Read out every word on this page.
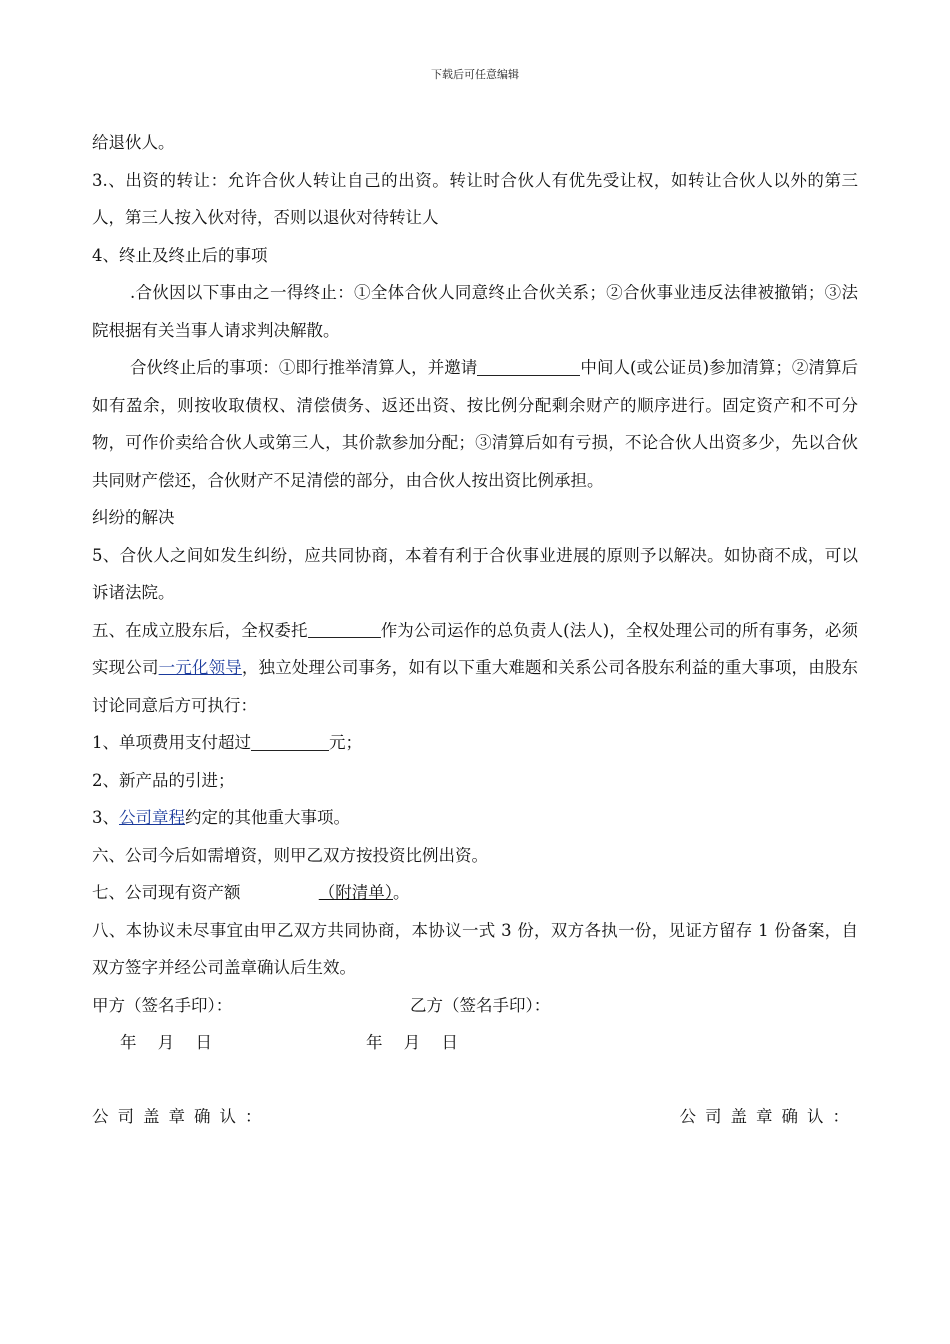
下载后可任意编辑

给退伙人。

3.、出资的转让：允许合伙人转让自己的出资。转让时合伙人有优先受让权，如转让合伙人以外的第三人，第三人按入伙对待，否则以退伙对待转让人

4、终止及终止后的事项

.合伙因以下事由之一得终止：①全体合伙人同意终止合伙关系；②合伙事业违反法律被撤销；③法院根据有关当事人请求判决解散。

合伙终止后的事项：①即行推举清算人，并邀请	中间人(或公证员)参加清算；②清算后如有盈余，则按收取债权、清偿债务、返还出资、按比例分配剩余财产的顺序进行。固定资产和不可分物，可作价卖给合伙人或第三人，其价款参加分配；③清算后如有亏损，不论合伙人出资多少，先以合伙共同财产偿还，合伙财产不足清偿的部分，由合伙人按出资比例承担。

纠纷的解决

5、合伙人之间如发生纠纷，应共同协商，本着有利于合伙事业进展的原则予以解决。如协商不成，可以诉诸法院。

五、在成立股东后，全权委托	作为公司运作的总负责人(法人)，全权处理公司的所有事务，必须实现公司一元化领导，独立处理公司事务，如有以下重大难题和关系公司各股东利益的重大事项，由股东讨论同意后方可执行：

1、单项费用支付超过	元；

2、新产品的引进；

3、公司章程约定的其他重大事项。

六、公司今后如需增资，则甲乙双方按投资比例出资。

七、公司现有资产额	（附清单）。

八、本协议未尽事宜由甲乙双方共同协商，本协议一式 3 份，双方各执一份，见证方留存 1 份备案，自双方签字并经公司盖章确认后生效。

甲方（签名手印）：	乙方（签名手印）：
年 月 日	年 月 日
公司盖章确认：	公司盖章确认：
